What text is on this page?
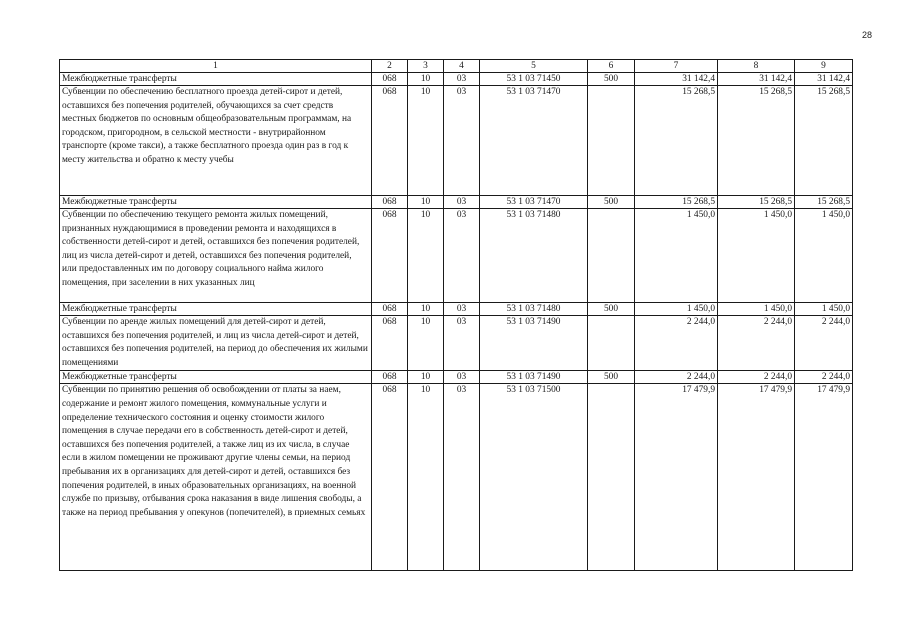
28
1	2	3	4	5	6	7	8	9
Межбюджетные трансферты	068	10	03	53 1 03 71450	500	31 142,4	31 142,4	31 142,4
Субвенции по обеспечению бесплатного проезда детей-сирот и детей, оставшихся без попечения родителей, обучающихся за счет средств местных бюджетов по основным общеобразовательным программам, на городском, пригородном, в сельской местности - внутрирайонном транспорте (кроме такси), а также бесплатного проезда один раз в год к месту жительства и обратно к месту учебы	068	10	03	53 1 03 71470		15 268,5	15 268,5	15 268,5
Межбюджетные трансферты	068	10	03	53 1 03 71470	500	15 268,5	15 268,5	15 268,5
Субвенции по обеспечению текущего ремонта жилых помещений, признанных нуждающимися в проведении ремонта и находящихся в собственности детей-сирот и детей, оставшихся без попечения родителей, лиц из числа детей-сирот и детей, оставшихся без попечения родителей, или предоставленных им по договору социального найма жилого помещения, при заселении в них указанных лиц	068	10	03	53 1 03 71480		1 450,0	1 450,0	1 450,0
Межбюджетные трансферты	068	10	03	53 1 03 71480	500	1 450,0	1 450,0	1 450,0
Субвенции по аренде жилых помещений для детей-сирот и детей, оставшихся без попечения родителей, и лиц из числа детей-сирот и детей, оставшихся без попечения родителей, на период до обеспечения их жилыми помещениями	068	10	03	53 1 03 71490		2 244,0	2 244,0	2 244,0
Межбюджетные трансферты	068	10	03	53 1 03 71490	500	2 244,0	2 244,0	2 244,0
Субвенции по принятию решения об освобождении от платы за наем, содержание и ремонт жилого помещения, коммунальные услуги и определение технического состояния и оценку стоимости жилого помещения в случае передачи его в собственность детей-сирот и детей, оставшихся без попечения родителей, а также лиц из их числа, в случае если в жилом помещении не проживают другие члены семьи, на период пребывания их в организациях для детей-сирот и детей, оставшихся без попечения родителей, в иных образовательных организациях, на военной службе по призыву, отбывания срока наказания в виде лишения свободы, а также на период пребывания у опекунов (попечителей), в приемных семьях	068	10	03	53 1 03 71500		17 479,9	17 479,9	17 479,9
